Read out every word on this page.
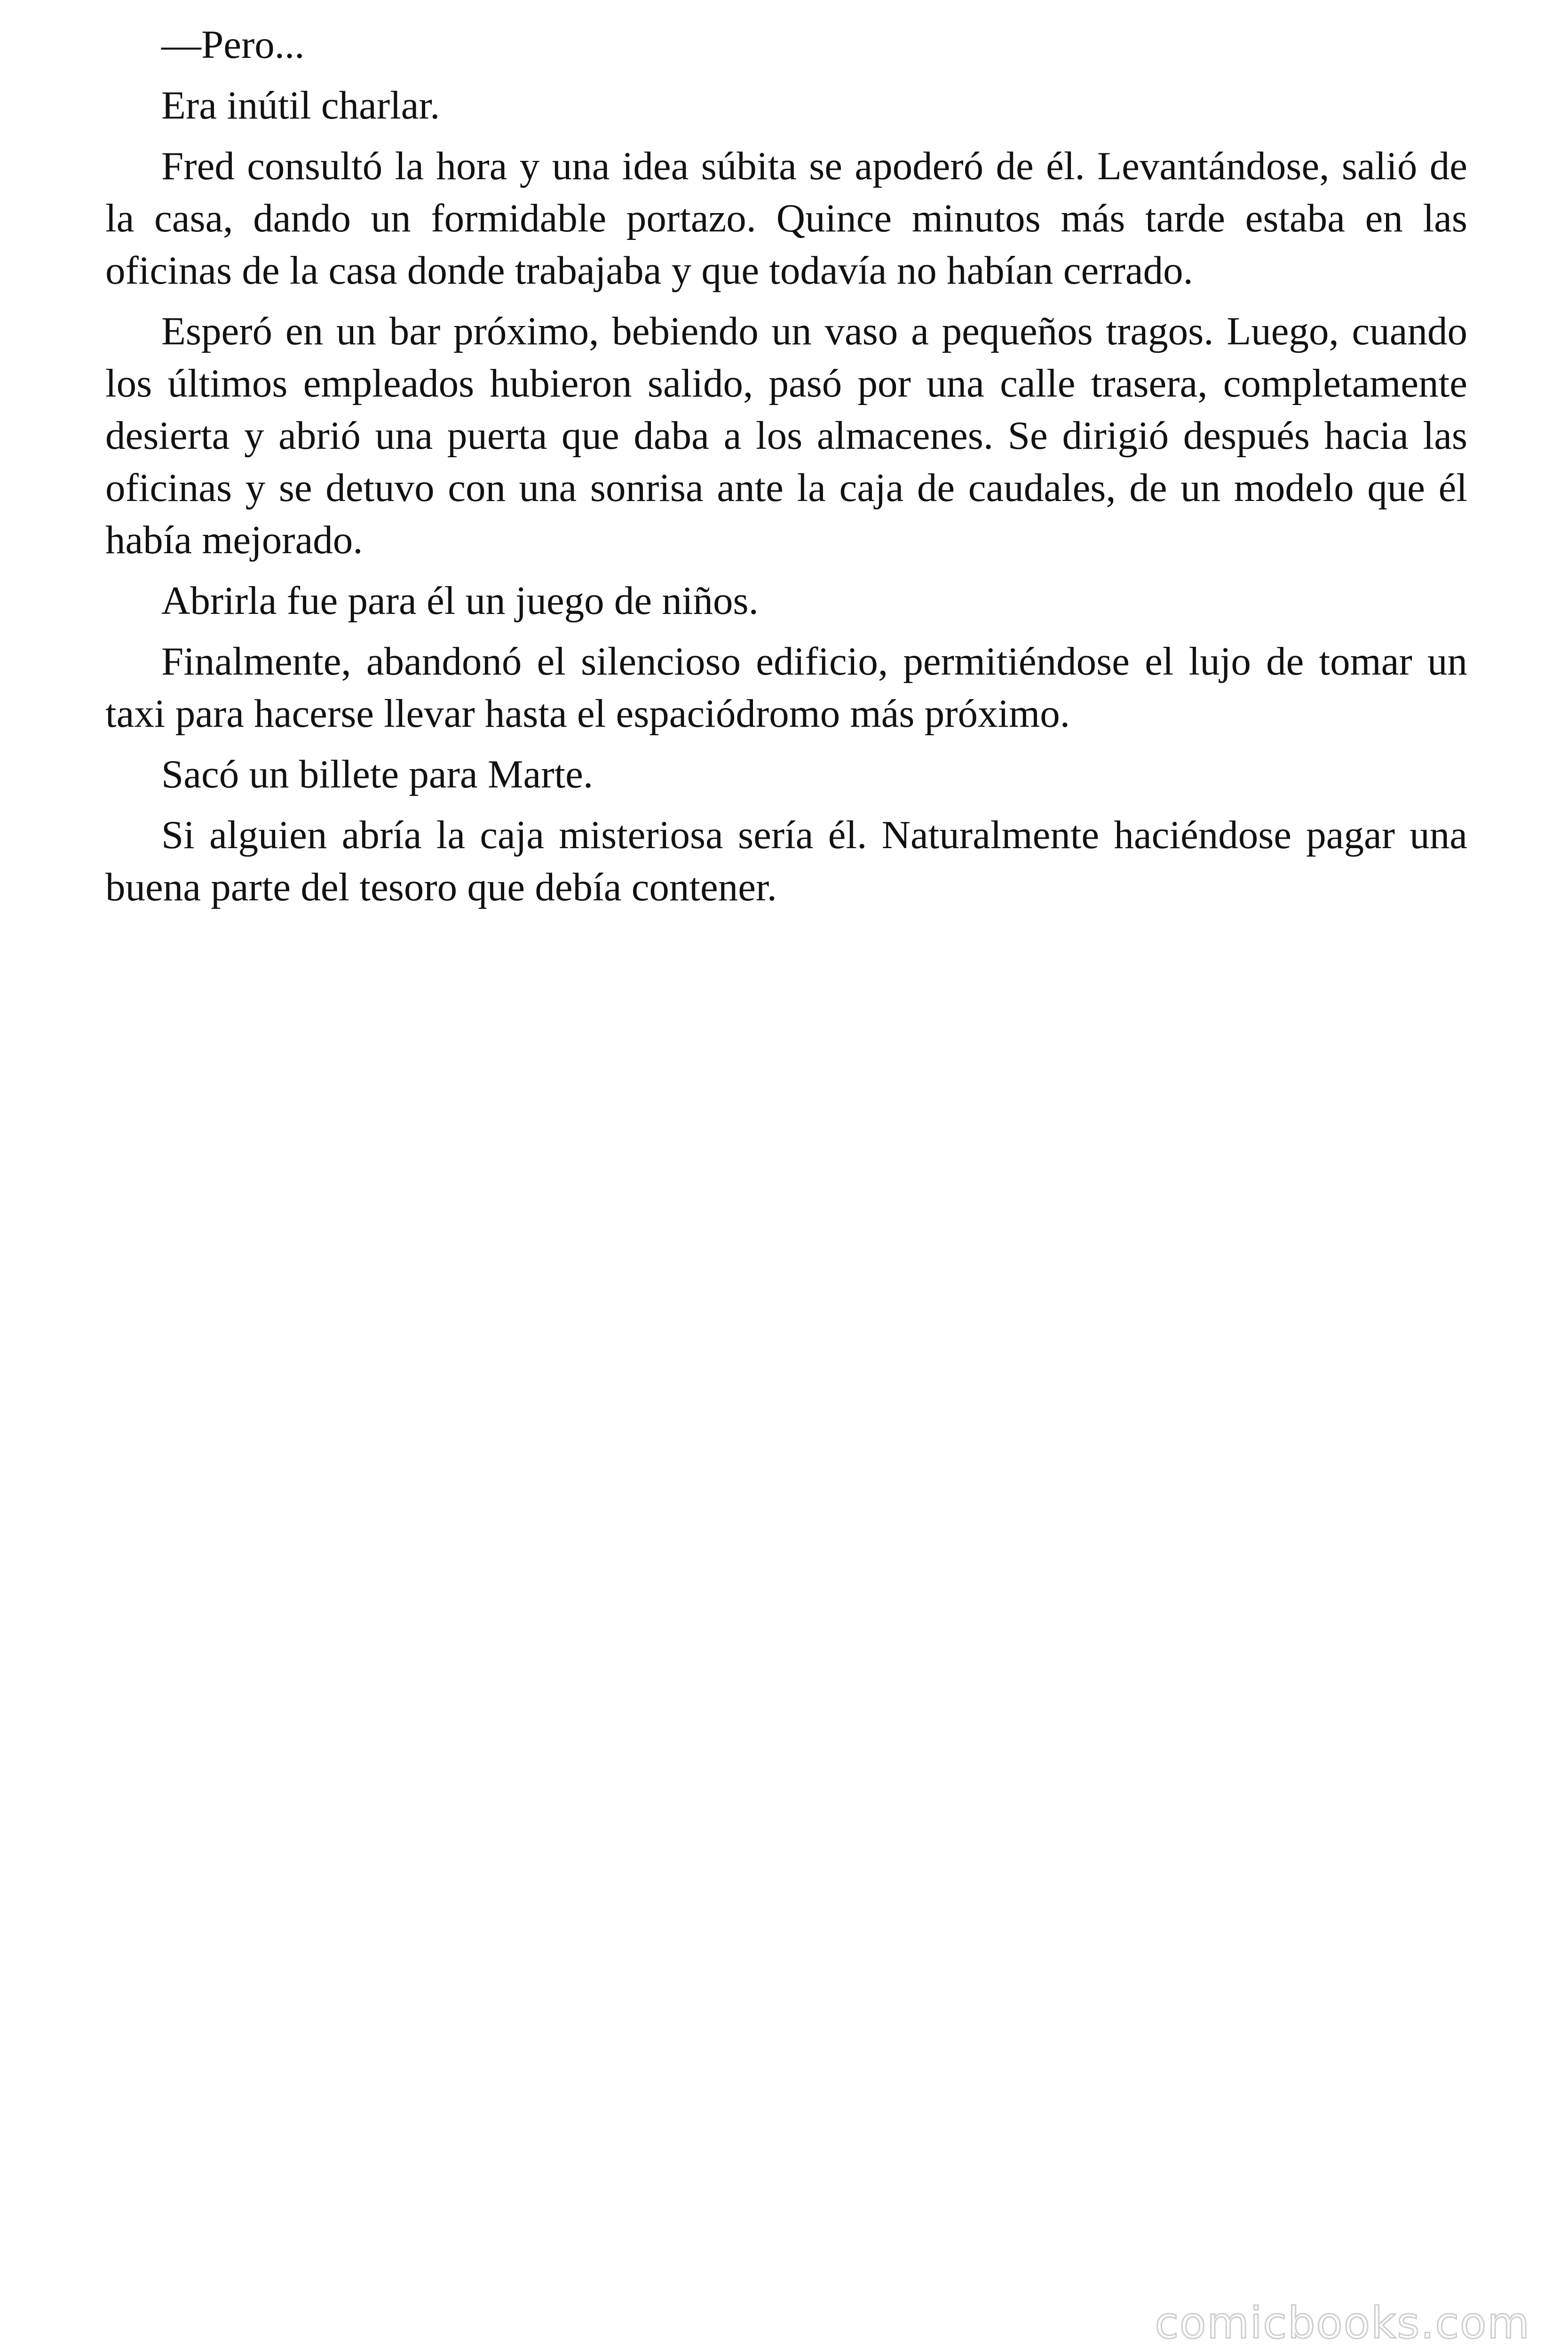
—Pero...

Era inútil charlar.

Fred consultó la hora y una idea súbita se apoderó de él. Levantándose, salió de la casa, dando un formidable portazo. Quince minutos más tarde estaba en las oficinas de la casa donde trabajaba y que todavía no habían cerrado.

Esperó en un bar próximo, bebiendo un vaso a pequeños tragos. Luego, cuando los últimos empleados hubieron salido, pasó por una calle trasera, completamente desierta y abrió una puerta que daba a los almacenes. Se dirigió después hacia las oficinas y se detuvo con una sonrisa ante la caja de caudales, de un modelo que él había mejorado.

Abrirla fue para él un juego de niños.

Finalmente, abandonó el silencioso edificio, permitiéndose el lujo de tomar un taxi para hacerse llevar hasta el espaciódromo más próximo.

Sacó un billete para Marte.

Si alguien abría la caja misteriosa sería él. Naturalmente haciéndose pagar una buena parte del tesoro que debía contener.

comicbooks.com
